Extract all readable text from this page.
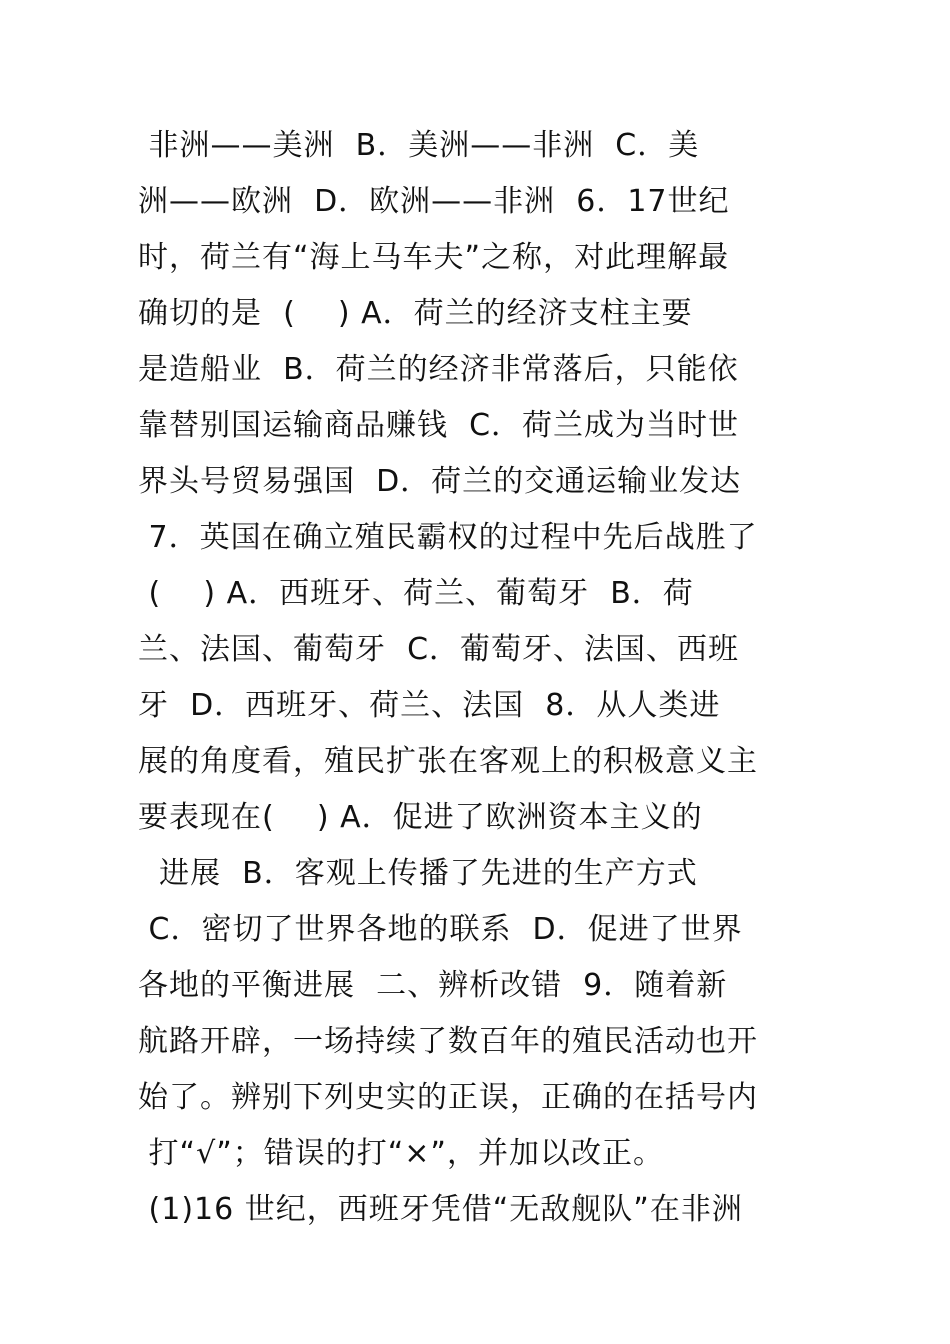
非洲——美洲  B．美洲——非洲  C．美
洲——欧洲  D．欧洲——非洲  6．17世纪
时，荷兰有“海上马车夫”之称，对此理解最
确切的是  (    ) A．荷兰的经济支柱主要
是造船业  B．荷兰的经济非常落后，只能依
靠替别国运输商品赚钱  C．荷兰成为当时世
界头号贸易强国  D．荷兰的交通运输业发达
7．英国在确立殖民霸权的过程中先后战胜了
(    ) A．西班牙、荷兰、葡萄牙  B．荷
兰、法国、葡萄牙  C．葡萄牙、法国、西班
牙  D．西班牙、荷兰、法国  8．从人类进
展的角度看，殖民扩张在客观上的积极意义主
要表现在(    ) A．促进了欧洲资本主义的
进展  B．客观上传播了先进的生产方式
C．密切了世界各地的联系  D．促进了世界
各地的平衡进展  二、辨析改错  9．随着新
航路开辟，一场持续了数百年的殖民活动也开
始了。辨别下列史实的正误，正确的在括号内
打“√”；错误的打“×”，并加以改正。
(1)16 世纪，西班牙凭借“无敌舰队”在非洲
